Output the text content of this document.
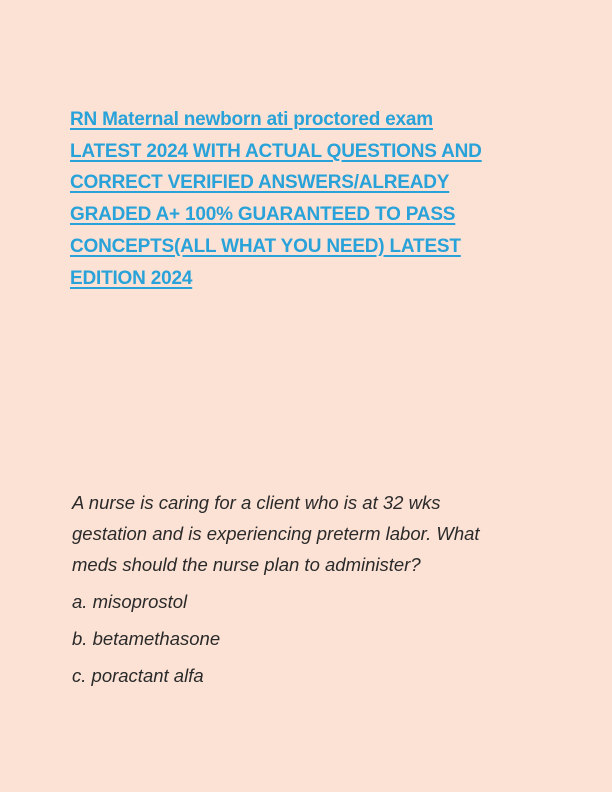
RN Maternal newborn ati proctored exam
LATEST 2024 WITH ACTUAL QUESTIONS AND
CORRECT VERIFIED ANSWERS/ALREADY
GRADED A+ 100% GUARANTEED TO PASS
CONCEPTS(ALL WHAT YOU NEED) LATEST
EDITION 2024

A nurse is caring for a client who is at 32 wks gestation and is experiencing preterm labor. What meds should the nurse plan to administer?

a. misoprostol

b. betamethasone

c. poractant alfa
